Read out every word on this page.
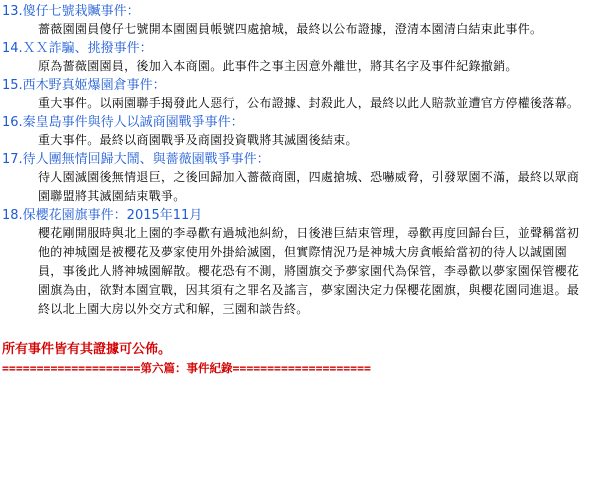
13.傻仔七號栽贓事件：
薔薇園園員傻仔七號開本園園員帳號四處搶城，最終以公布證據，澄清本園清白結束此事件。
14.ＸＸ詐騙、挑撥事件：
原為薔薇園園員，後加入本商園。此事件之事主因意外離世，將其名字及事件紀錄撤銷。
15.西木野真姬爆園倉事件：
重大事件。以兩園聯手揭發此人惡行，公布證據、封殺此人，最終以此人賠款並遭官方停權後落幕。
16.秦皇島事件與待人以誠商園戰爭事件：
重大事件。最終以商園戰爭及商園投資戰將其滅園後結束。
17.待人團無情回歸大鬧、與薔薇園戰爭事件：
待人園滅園後無情退巨，之後回歸加入薔薇商園，四處搶城、恐嚇威脅，引發眾園不滿，最終以眾商園聯盟將其滅園結束戰爭。
18.保櫻花園旗事件：2015年11月
櫻花剛開服時與北上園的李尋歡有過城池糾紛，日後港巨結束管理，尋歡再度回歸台巨，並聲稱當初他的神城園是被櫻花及夢家使用外掛給滅園，但實際情況乃是神城大房貪帳給當初的待人以誠園園員，事後此人將神城園解散。櫻花恐有不測，將園旗交予夢家園代為保管，李尋歡以夢家園保管櫻花園旗為由，欲對本園宣戰，因其須有之罪名及謠言，夢家園決定力保櫻花園旗，與櫻花園同進退。最終以北上園大房以外交方式和解，三園和談告終。
所有事件皆有其證據可公佈。
====================第六篇：事件紀錄====================
